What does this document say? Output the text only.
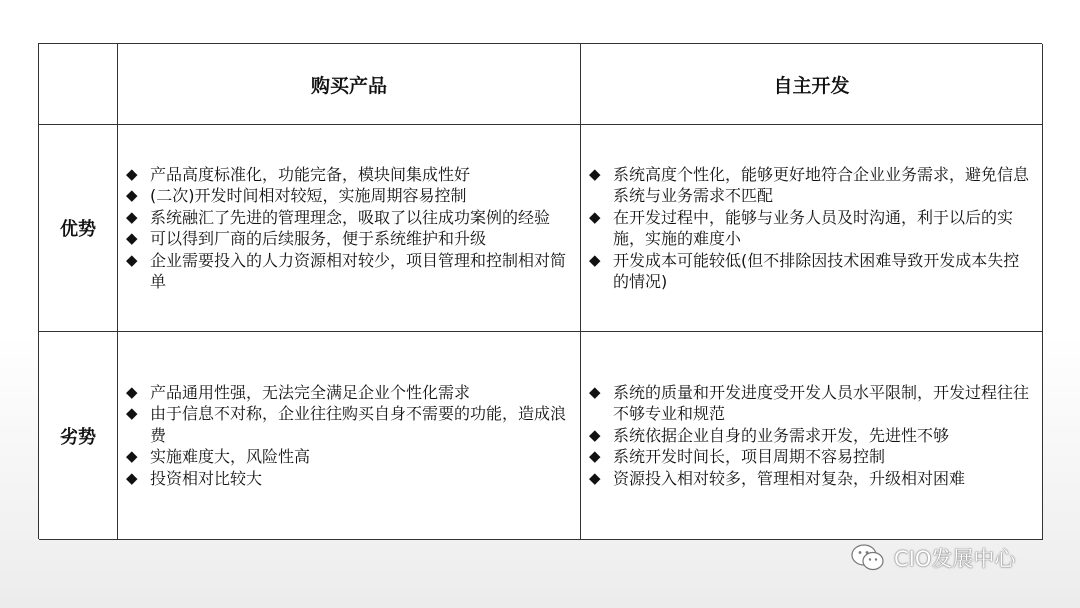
购买产品	自主开发
优势
◆ 产品高度标准化，功能完备，模块间集成性好
◆ (二次)开发时间相对较短，实施周期容易控制
◆ 系统融汇了先进的管理理念，吸取了以往成功案例的经验
◆ 可以得到厂商的后续服务，便于系统维护和升级
◆ 企业需要投入的人力资源相对较少，项目管理和控制相对简单
◆ 系统高度个性化，能够更好地符合企业业务需求，避免信息系统与业务需求不匹配
◆ 在开发过程中，能够与业务人员及时沟通，利于以后的实施，实施的难度小
◆ 开发成本可能较低(但不排除因技术困难导致开发成本失控的情况)
劣势
◆ 产品通用性强，无法完全满足企业个性化需求
◆ 由于信息不对称，企业往往购买自身不需要的功能，造成浪费
◆ 实施难度大，风险性高
◆ 投资相对比较大
◆ 系统的质量和开发进度受开发人员水平限制，开发过程往往不够专业和规范
◆ 系统依据企业自身的业务需求开发，先进性不够
◆ 系统开发时间长，项目周期不容易控制
◆ 资源投入相对较多，管理相对复杂，升级相对困难
CIO发展中心
